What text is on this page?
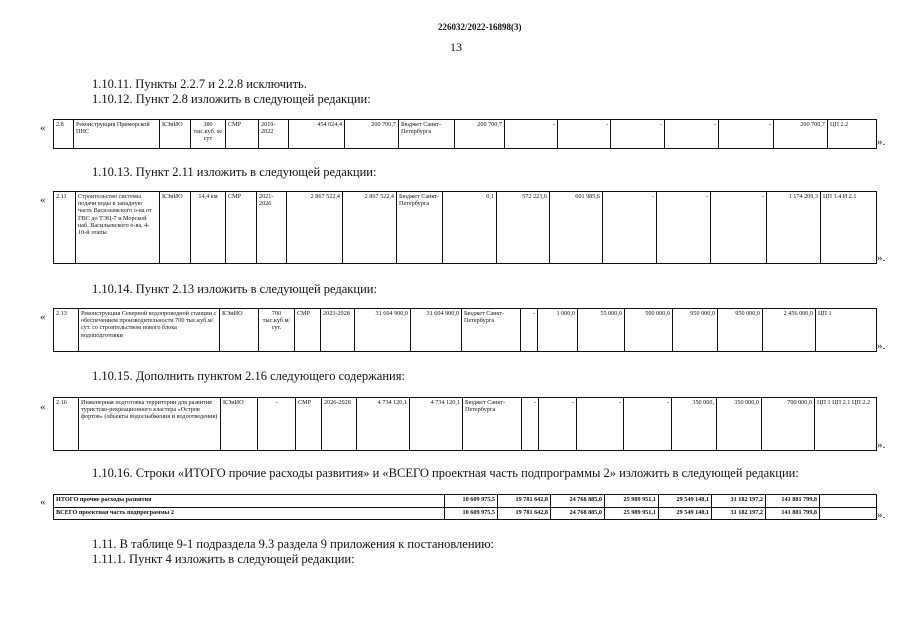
226032/2022-16898(3)
13
1.10.11. Пункты 2.2.7 и 2.2.8 исключить.
1.10.12. Пункт 2.8 изложить в следующей редакции:
« 2.8	Реконструкция Приморской ПНС	КЭиИО	380 тыс.куб. м/сут	СМР	2019-2022	454 024,4	200 700,7	Бюджет Санкт-Петербурга	200 700,7	-	-	-	-	-	200 700,7	ЦП 2.2
».
1.10.13. Пункт 2.11 изложить в следующей редакции:
« 2.11	Строительство системы подачи воды в западную часть Васильевского о-ва от ГВС до ТЭЦ-7 и Морской наб. Васильевского о-ва, 4-10-й этапы	КЭиИО	14,4 км	СМР	2021-2026	2 867 522,4	2 867 522,4	Бюджет Санкт-Петербурга	0,1	572 223,6	601 985,6	-	-	-	1 174 209,3	ЦП 1.4 И 2.1
».
1.10.14. Пункт 2.13 изложить в следующей редакции:
« 2.13	Реконструкция Северной водопроводной станции с обеспечением производительности 700 тыс.куб.м/сут. со строительством нового блока водоподготовки	КЭиИО	700 тыс.куб м/сут.	СМР	2023-2028	31 604 900,0	31 604 900,0	Бюджет Санкт-Петербурга	-	1 000,0	55 000,0	500 000,0	950 000,0	950 000,0	2 456 000,0	ЦП 1
».
1.10.15. Дополнить пунктом 2.16 следующего содержания:
« 2.16	Инженерная подготовка территории для развития туристско-рекреационного кластера «Остров фортов» (объекты водоснабжения и водоотведения)	КЭиИО	-	СМР	2026-2028	4 734 120,1	4 734 120,1	Бюджет Санкт-Петербурга	-	-	-	-	350 000,	350 000,0	700 000,0	ЦП 1 ЦП 2.1 ЦП 2.2
».
1.10.16. Строки «ИТОГО прочие расходы развития» и «ВСЕГО проектная часть подпрограммы 2» изложить в следующей редакции:
« ИТОГО прочие расходы развития	10 609 975,5	19 781 642,8	24 768 885,0	25 989 951,1	29 549 148,1	31 182 197,2	141 881 799,8	
ВСЕГО проектная часть подпрограммы 2	10 609 975,5	19 781 642,8	24 768 885,0	25 989 951,1	29 549 148,1	31 182 197,2	141 881 799,8		».
1.11. В таблице 9-1 подраздела 9.3 раздела 9 приложения к постановлению:
1.11.1. Пункт 4 изложить в следующей редакции:
